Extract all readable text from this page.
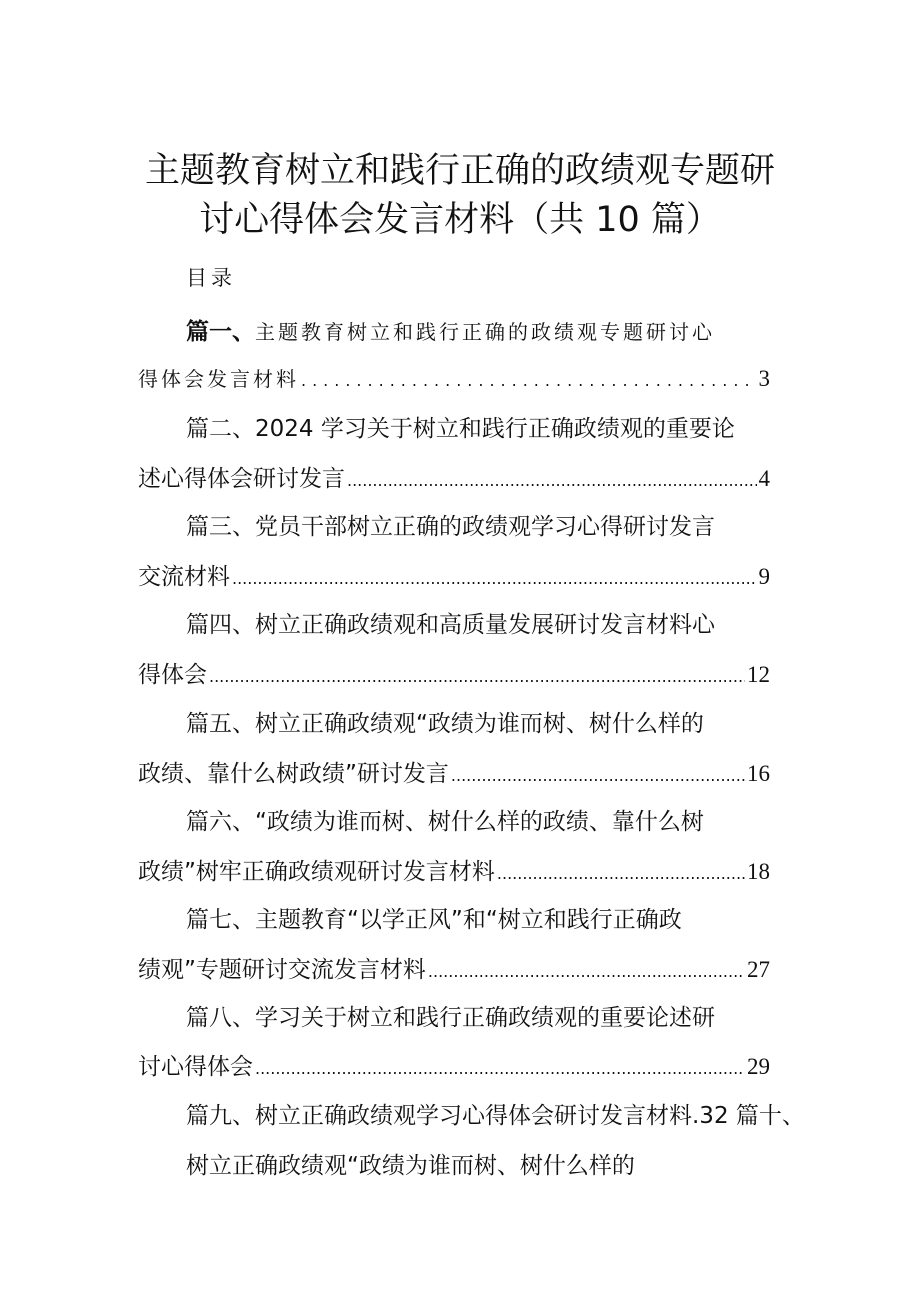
主题教育树立和践行正确的政绩观专题研
讨心得体会发言材料（共 10 篇）
目录
篇一、主题教育树立和践行正确的政绩观专题研讨心
得体会发言材料 .....	3
篇二、2024 学习关于树立和践行正确政绩观的重要论
述心得体会研讨发言 .....	4
篇三、党员干部树立正确的政绩观学习心得研讨发言
交流材料 .....	9
篇四、树立正确政绩观和高质量发展研讨发言材料心
得体会 .....	12
篇五、树立正确政绩观“政绩为谁而树、树什么样的
政绩、靠什么树政绩”研讨发言 .....	16
篇六、“政绩为谁而树、树什么样的政绩、靠什么树
政绩”树牢正确政绩观研讨发言材料 .....	18
篇七、主题教育“以学正风”和“树立和践行正确政
绩观”专题研讨交流发言材料 .....	27
篇八、学习关于树立和践行正确政绩观的重要论述研
讨心得体会 .....	29
篇九、树立正确政绩观学习心得体会研讨发言材料.32 篇十、
树立正确政绩观“政绩为谁而树、树什么样的
